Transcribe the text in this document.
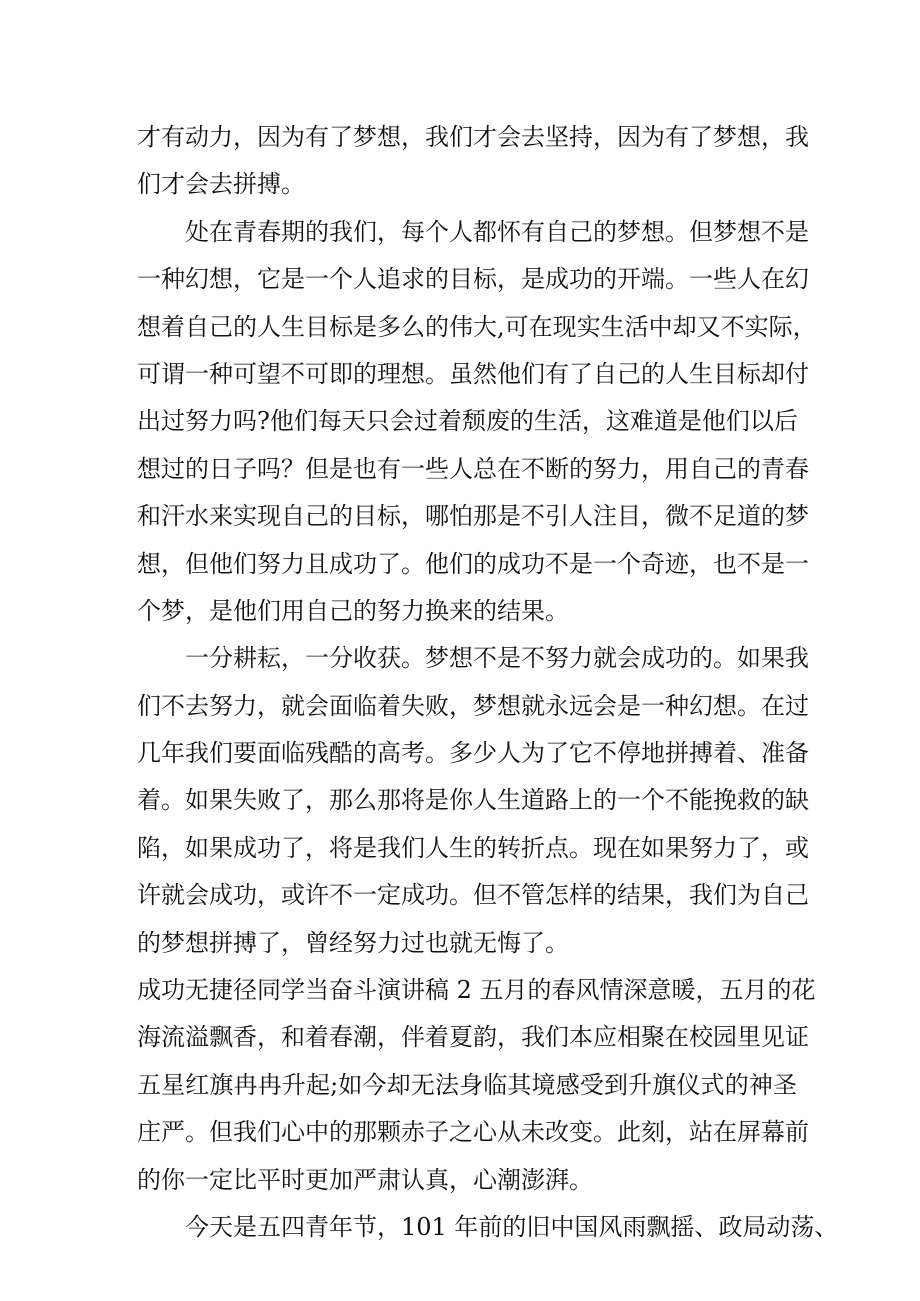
才有动力，因为有了梦想，我们才会去坚持，因为有了梦想，我
们才会去拼搏。
处在青春期的我们，每个人都怀有自己的梦想。但梦想不是
一种幻想，它是一个人追求的目标，是成功的开端。一些人在幻
想着自己的人生目标是多么的伟大,可在现实生活中却又不实际，
可谓一种可望不可即的理想。虽然他们有了自己的人生目标却付
出过努力吗?他们每天只会过着颓废的生活，这难道是他们以后
想过的日子吗？但是也有一些人总在不断的努力，用自己的青春
和汗水来实现自己的目标，哪怕那是不引人注目，微不足道的梦
想，但他们努力且成功了。他们的成功不是一个奇迹，也不是一
个梦，是他们用自己的努力换来的结果。
一分耕耘，一分收获。梦想不是不努力就会成功的。如果我
们不去努力，就会面临着失败，梦想就永远会是一种幻想。在过
几年我们要面临残酷的高考。多少人为了它不停地拼搏着、准备
着。如果失败了，那么那将是你人生道路上的一个不能挽救的缺
陷，如果成功了，将是我们人生的转折点。现在如果努力了，或
许就会成功，或许不一定成功。但不管怎样的结果，我们为自己
的梦想拼搏了，曾经努力过也就无悔了。
成功无捷径同学当奋斗演讲稿 2 五月的春风情深意暖，五月的花
海流溢飘香，和着春潮，伴着夏韵，我们本应相聚在校园里见证
五星红旗冉冉升起;如今却无法身临其境感受到升旗仪式的神圣
庄严。但我们心中的那颗赤子之心从未改变。此刻，站在屏幕前
的你一定比平时更加严肃认真，心潮澎湃。
今天是五四青年节，101 年前的旧中国风雨飘摇、政局动荡、
